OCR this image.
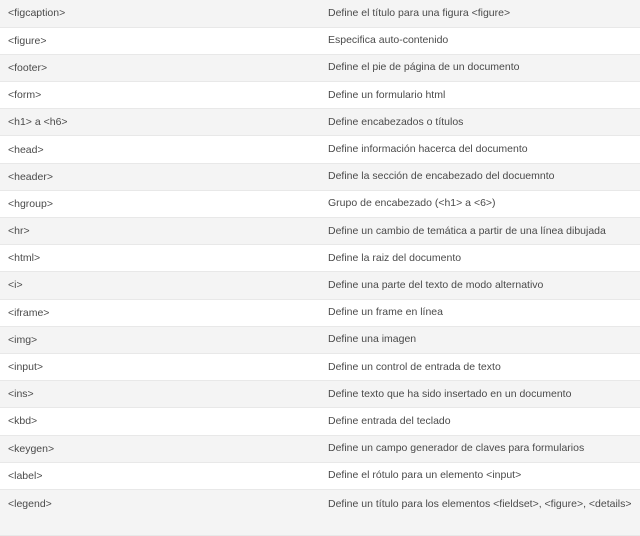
<figcaption>	Define el título para una figura <figure>
<figure>	Especifica auto-contenido
<footer>	Define el pie de página de un documento
<form>	Define un formulario html
<h1> a <h6>	Define encabezados o títulos
<head>	Define información hacerca del documento
<header>	Define la sección de encabezado del docuemnto
<hgroup>	Grupo de encabezado (<h1> a <6>)
<hr>	Define un cambio de temática a partir de una línea dibujada
<html>	Define la raiz del documento
<i>	Define una parte del texto de modo alternativo
<iframe>	Define un frame en línea
<img>	Define una imagen
<input>	Define un control de entrada de texto
<ins>	Define texto que ha sido insertado en un documento
<kbd>	Define entrada del teclado
<keygen>	Define un campo generador de claves para formularios
<label>	Define el rótulo para un elemento <input>
<legend>	Define un título para los elementos <fieldset>, <figure>, <details>
